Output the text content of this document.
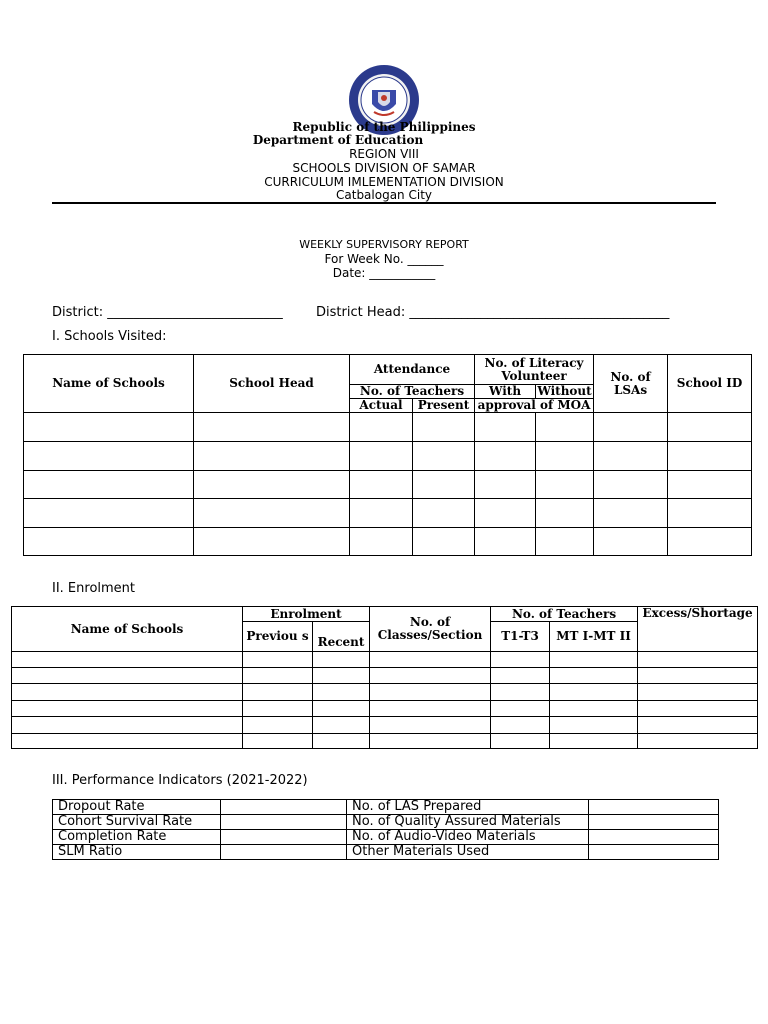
Republic of the Philippines
Department of Education
REGION VIII
SCHOOLS DIVISION OF SAMAR
CURRICULUM IMLEMENTATION DIVISION
Catbalogan City
WEEKLY SUPERVISORY REPORT
For Week No. ______
Date: ___________
District: ___________________________	District Head: ________________________________________
I. Schools Visited:
Name of Schools	School Head	Attendance		No. of Literacy Volunteer		No. of LSAs	School ID
		No. of Teachers		With	Without		
		Actual	Present	approval of MOA			

II. Enrolment
Name of Schools	Enrolment		No. of Classes/Section	No. of Teachers		Excess/Shortage
	Previou s	Recent		T1-T3	MT I-MT II	

III. Performance Indicators (2021-2022)
Dropout Rate		No. of LAS Prepared	
Cohort Survival Rate		No. of Quality Assured Materials	
Completion Rate		No. of Audio-Video Materials	
SLM Ratio		Other Materials Used	
